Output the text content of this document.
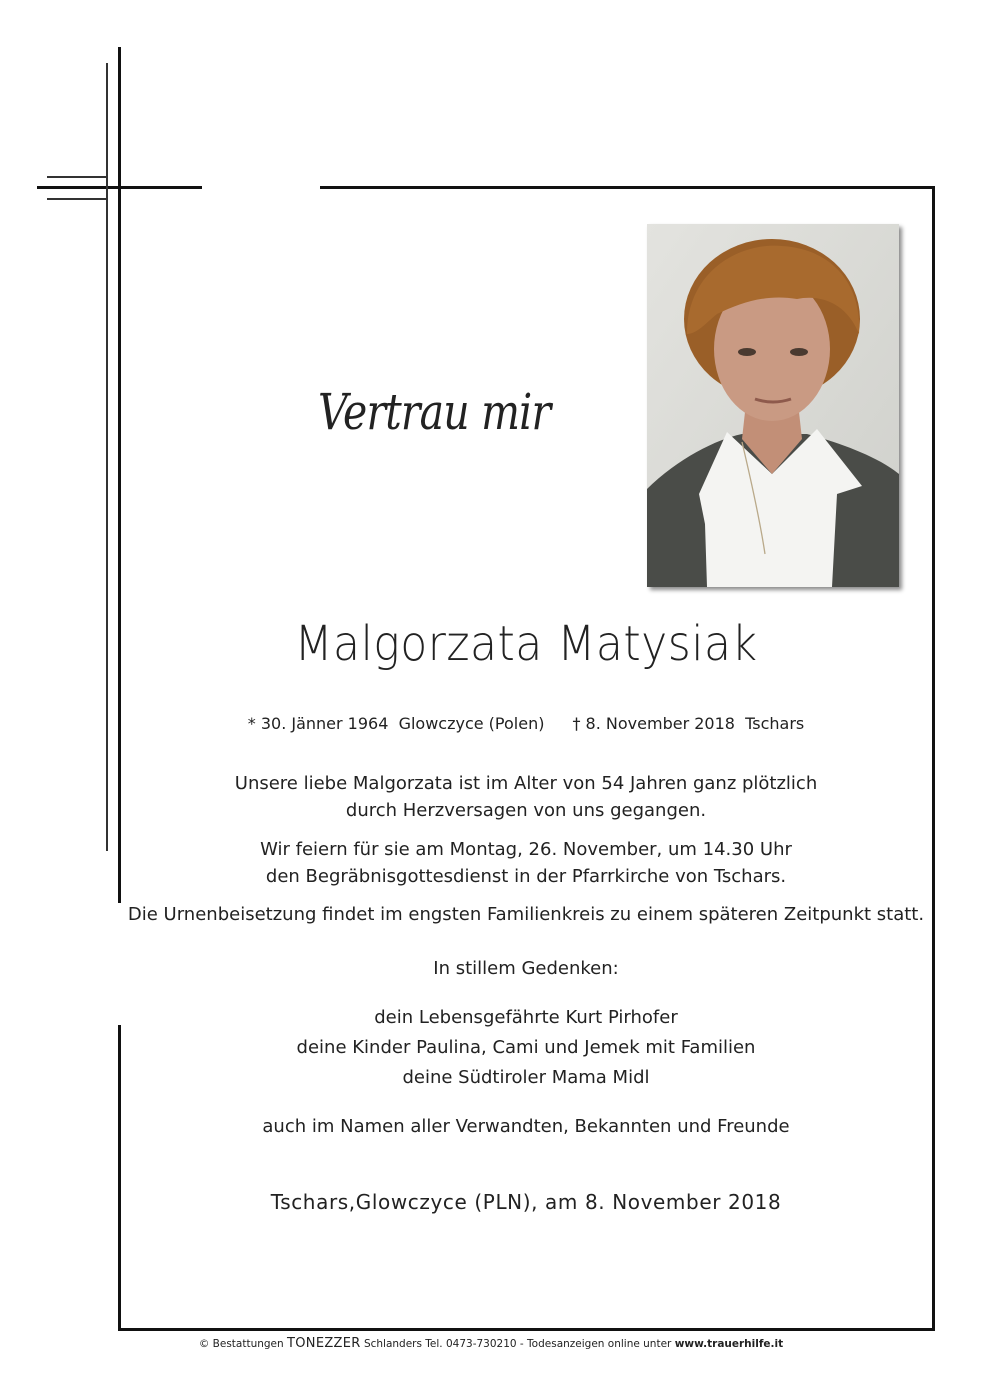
Vertrau mir
Malgorzata Matysiak
* 30. Jänner 1964  Glowczyce (Polen) † 8. November 2018  Tschars
Unsere liebe Malgorzata ist im Alter von 54 Jahren ganz plötzlich
durch Herzversagen von uns gegangen.
Wir feiern für sie am Montag, 26. November, um 14.30 Uhr
den Begräbnisgottesdienst in der Pfarrkirche von Tschars.
Die Urnenbeisetzung findet im engsten Familienkreis zu einem späteren Zeitpunkt statt.
In stillem Gedenken:
dein Lebensgefährte Kurt Pirhofer
deine Kinder Paulina, Cami und Jemek mit Familien
deine Südtiroler Mama Midl
auch im Namen aller Verwandten, Bekannten und Freunde
Tschars,Glowczyce (PLN), am 8. November 2018
© Bestattungen TONEZZER Schlanders Tel. 0473-730210 - Todesanzeigen online unter www.trauerhilfe.it
